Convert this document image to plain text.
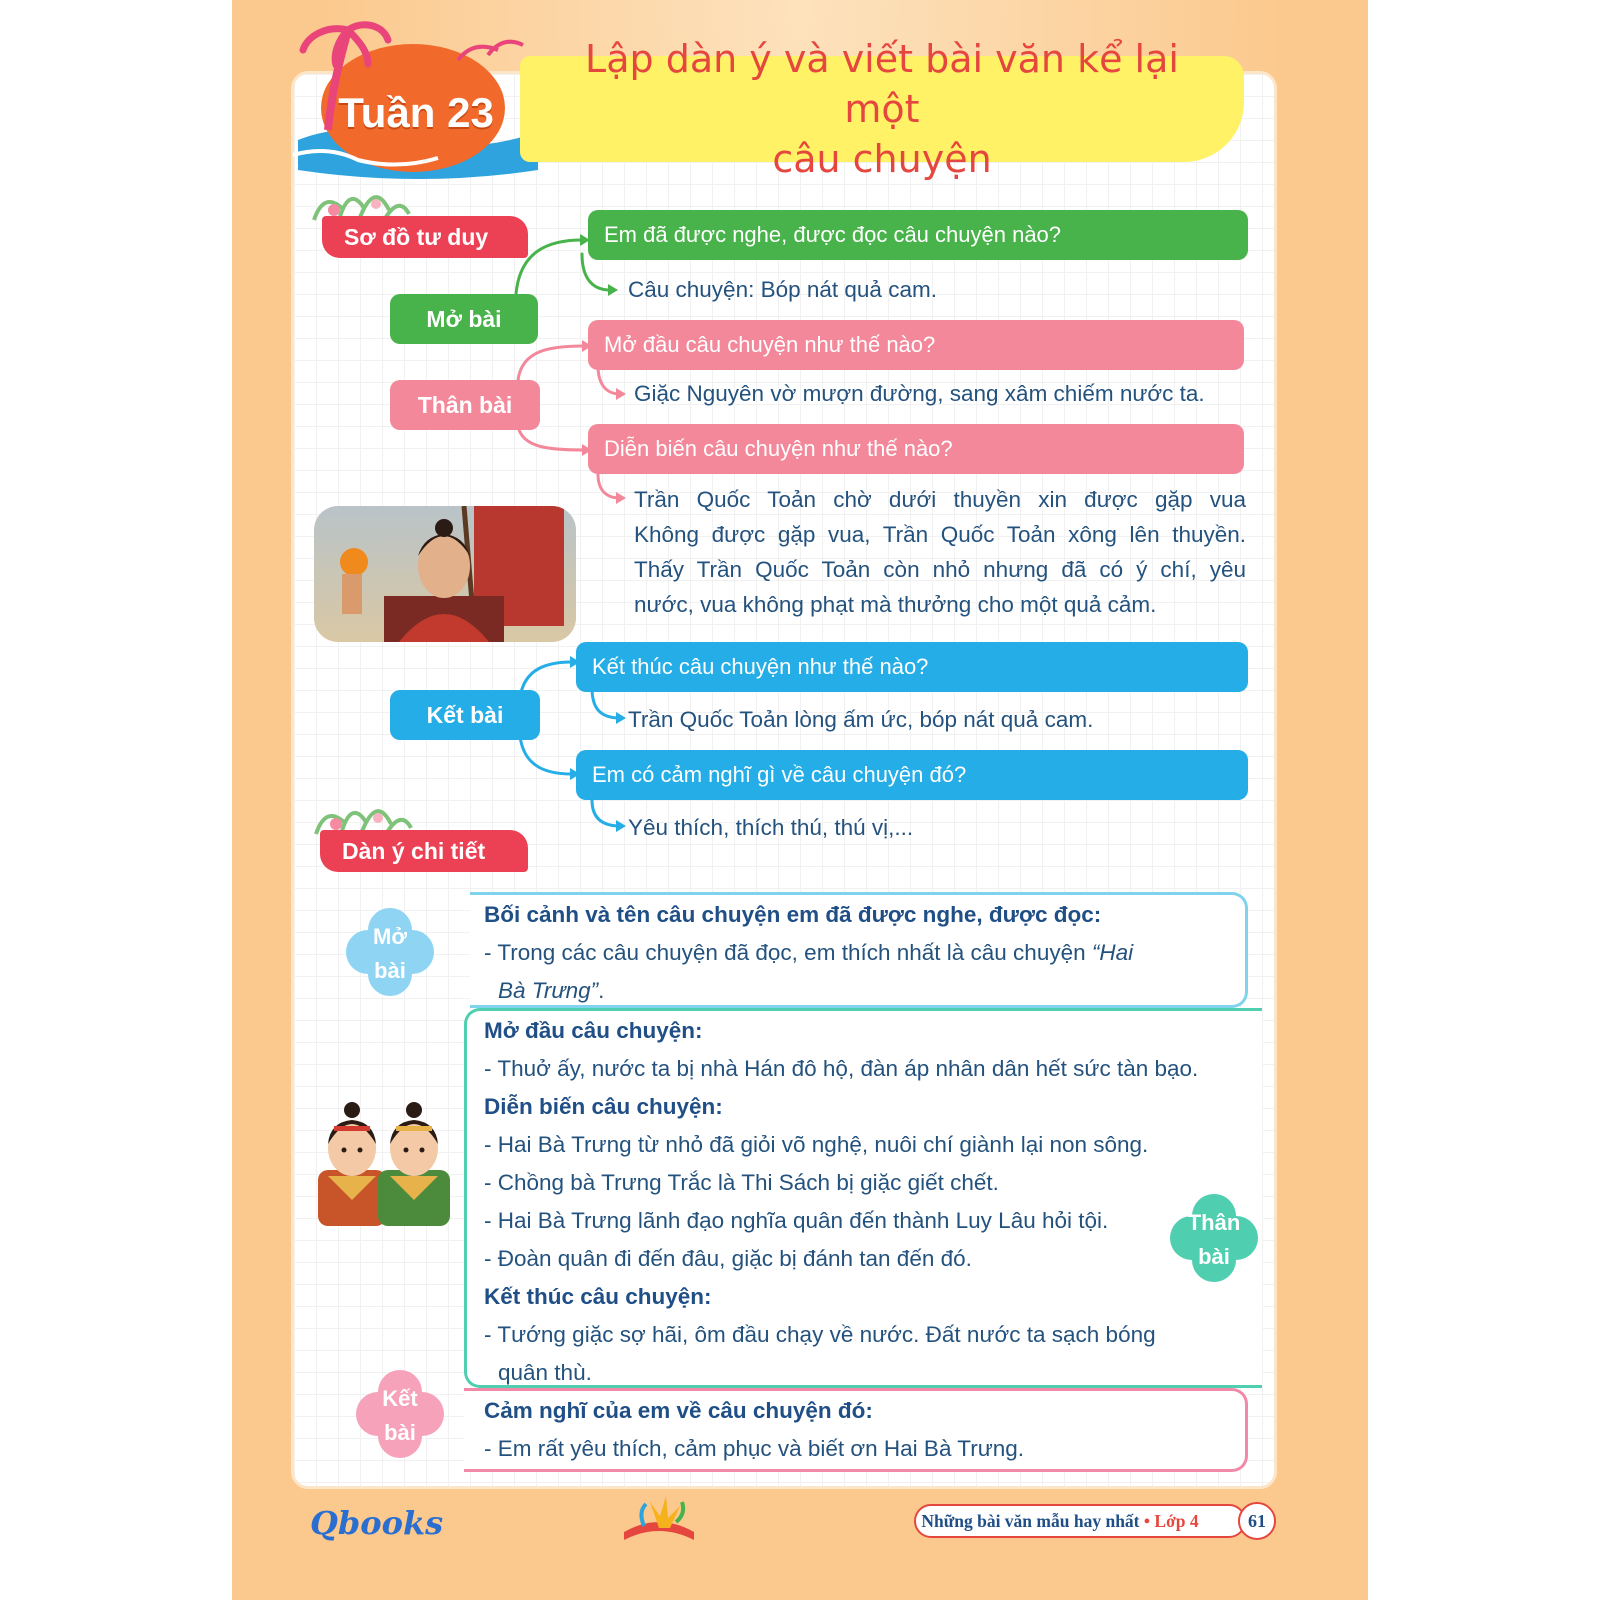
Tuần 23
Lập dàn ý và viết bài văn kể lại một
câu chuyện
Sơ đồ tư duy
Mở bài
Em đã được nghe, được đọc câu chuyện nào?
Câu chuyện: Bóp nát quả cam.
Thân bài
Mở đầu câu chuyện như thế nào?
Giặc Nguyên vờ mượn đường, sang xâm chiếm nước ta.
Diễn biến câu chuyện như thế nào?
Trần Quốc Toản chờ dưới thuyền xin được gặp vua
Không được gặp vua, Trần Quốc Toản xông lên thuyền.
Thấy Trần Quốc Toản còn nhỏ nhưng đã có ý chí, yêu
nước, vua không phạt mà thưởng cho một quả cảm.
Kết bài
Kết thúc câu chuyện như thế nào?
Trần Quốc Toản lòng ấm ức, bóp nát quả cam.
Em có cảm nghĩ gì về câu chuyện đó?
Yêu thích, thích thú, thú vị,...
Dàn ý chi tiết
Mở
bài
Bối cảnh và tên câu chuyện em đã được nghe, được đọc:
- Trong các câu chuyện đã đọc, em thích nhất là câu chuyện “Hai
Bà Trưng”.
Mở đầu câu chuyện:
- Thuở ấy, nước ta bị nhà Hán đô hộ, đàn áp nhân dân hết sức tàn bạo.
Diễn biến câu chuyện:
- Hai Bà Trưng từ nhỏ đã giỏi võ nghệ, nuôi chí giành lại non sông.
- Chồng bà Trưng Trắc là Thi Sách bị giặc giết chết.
- Hai Bà Trưng lãnh đạo nghĩa quân đến thành Luy Lâu hỏi tội.
- Đoàn quân đi đến đâu, giặc bị đánh tan đến đó.
Kết thúc câu chuyện:
- Tướng giặc sợ hãi, ôm đầu chạy về nước. Đất nước ta sạch bóng
quân thù.
Thân
bài
Kết
bài
Cảm nghĩ của em về câu chuyện đó:
- Em rất yêu thích, cảm phục và biết ơn Hai Bà Trưng.
Qbooks	Những bài văn mẫu hay nhất • Lớp 4	61
